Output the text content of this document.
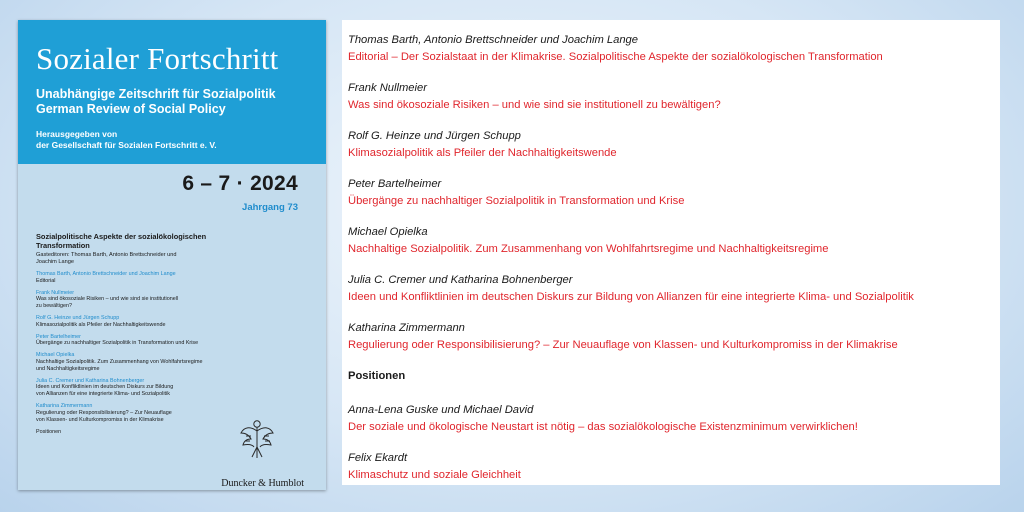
Sozialer Fortschritt
Unabhängige Zeitschrift für Sozialpolitik
German Review of Social Policy
Herausgegeben von
der Gesellschaft für Sozialen Fortschritt e. V.
6 – 7 · 2024
Jahrgang 73
Sozialpolitische Aspekte der sozialökologischen
Transformation
Gasteditoren: Thomas Barth, Antonio Brettschneider und
Joachim Lange
Thomas Barth, Antonio Brettschneider und Joachim Lange
Editorial
Frank Nullmeier
Was sind ökosoziale Risiken – und wie sind sie institutionell
zu bewältigen?
Rolf G. Heinze und Jürgen Schupp
Klimasozialpolitik als Pfeiler der Nachhaltigkeitswende
Peter Bartelheimer
Übergänge zu nachhaltiger Sozialpolitik in Transformation und Krise
Michael Opielka
Nachhaltige Sozialpolitik. Zum Zusammenhang von Wohlfahrtsregime
und Nachhaltigkeitsregime
Julia C. Cremer und Katharina Bohnenberger
Ideen und Konfliktlinien im deutschen Diskurs zur Bildung
von Allianzen für eine integrierte Klima- und Sozialpolitik
Katharina Zimmermann
Regulierung oder Responsibilisierung? – Zur Neuauflage
von Klassen- und Kulturkompromiss in der Klimakrise
Positionen
Duncker & Humblot
Thomas Barth, Antonio Brettschneider und Joachim Lange
Editorial – Der Sozialstaat in der Klimakrise. Sozialpolitische Aspekte der sozialökologischen Transformation
Frank Nullmeier
Was sind ökosoziale Risiken – und wie sind sie institutionell zu bewältigen?
Rolf G. Heinze und Jürgen Schupp
Klimasozialpolitik als Pfeiler der Nachhaltigkeitswende
Peter Bartelheimer
Übergänge zu nachhaltiger Sozialpolitik in Transformation und Krise
Michael Opielka
Nachhaltige Sozialpolitik. Zum Zusammenhang von Wohlfahrtsregime und Nachhaltigkeitsregime
Julia C. Cremer und Katharina Bohnenberger
Ideen und Konfliktlinien im deutschen Diskurs zur Bildung von Allianzen für eine integrierte Klima- und Sozialpolitik
Katharina Zimmermann
Regulierung oder Responsibilisierung? – Zur Neuauflage von Klassen- und Kulturkompromiss in der Klimakrise
Positionen
Anna-Lena Guske und Michael David
Der soziale und ökologische Neustart ist nötig – das sozialökologische Existenzminimum verwirklichen!
Felix Ekardt
Klimaschutz und soziale Gleichheit
